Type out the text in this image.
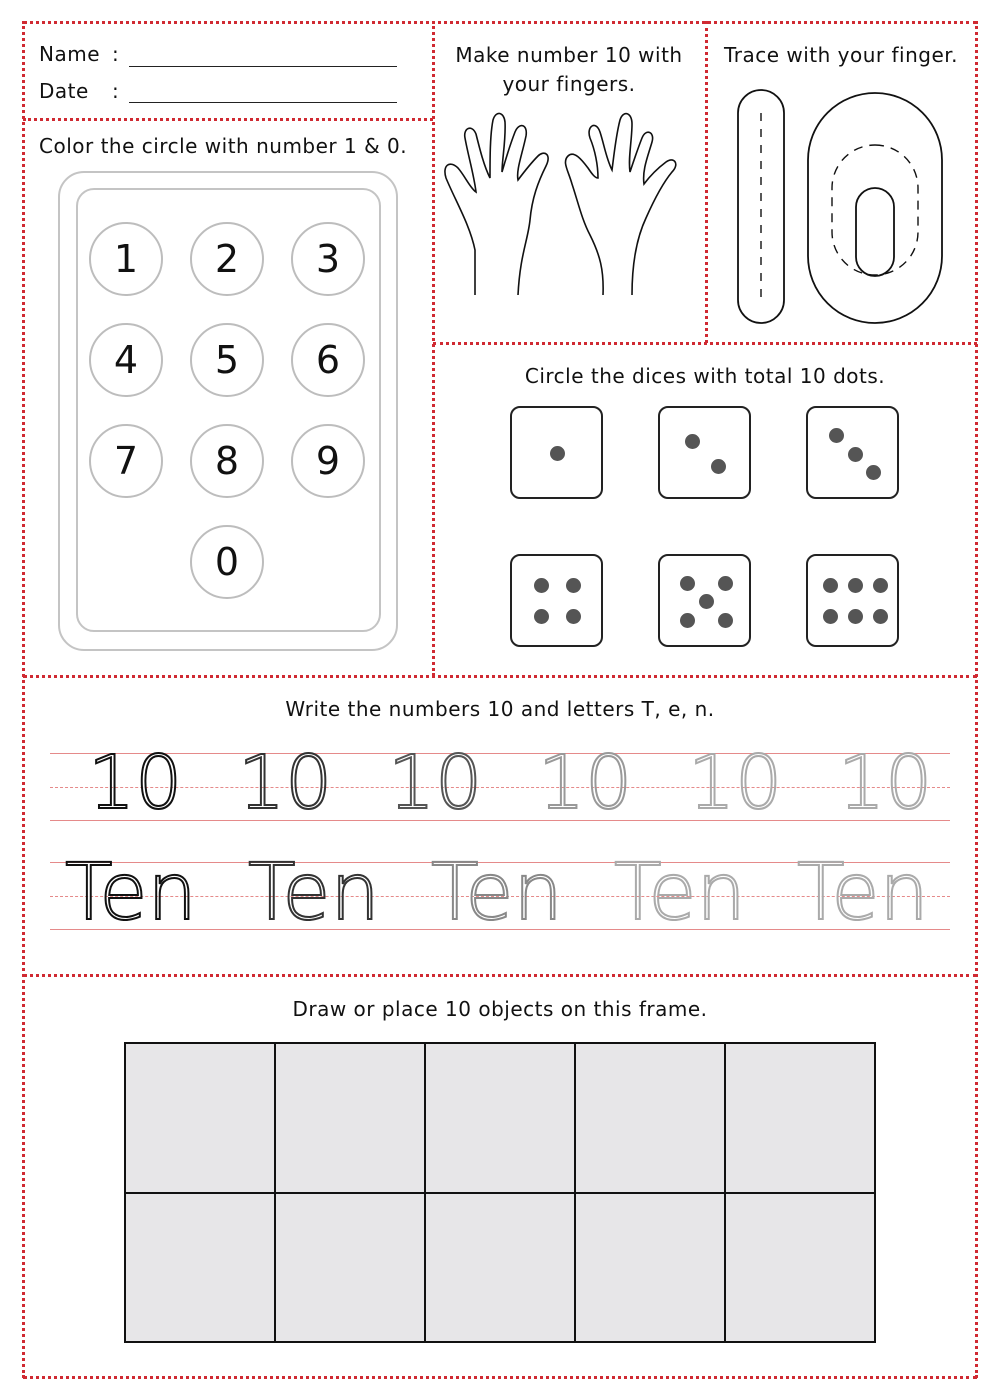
Name :
Date :
Color the circle with number 1 & 0.
1	2	3
4	5	6
7	8	9
0
Make number 10 with
your fingers.
Trace with your finger.
Circle the dices with total 10 dots.
Write the numbers 10 and letters T, e, n.
10 10 10 10 10 10
Ten Ten Ten Ten Ten
Draw or place 10 objects on this frame.
